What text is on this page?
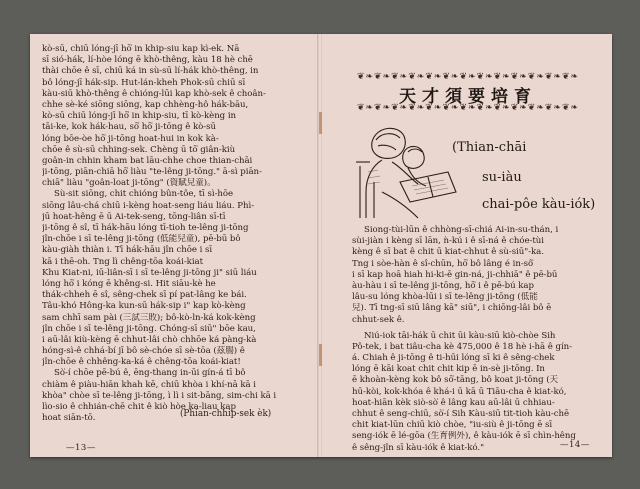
kò-sū, chiū lóng-jī hō͘ in khip-siu kap kì-ek. Nā
sī sió-hák, lí-hòe lóng ē khò-thêng, kàu 18 hè chē
thài chōe ê sī, chiū ká in sù-sū lí-hák khò-thêng, in
bô lóng-jī hák-sip. Hut-lán-kheh Phok-sū chiū sī
kàu-siū khò-thêng ê chióng-lūi kap khò-sek ê choân-
chhe sè-ké siōng siōng, kap chhèng-hô hák-bāu,
kò-sū chiū lóng-jī hō͘ in khip-siu, tī kò-kèng in
tāi-ke, kok hák-hau, sō͘ hō͘ ji-tōng ê kò-sū
lóng bōe-òe hō͘ ji-tōng hoat-hui in kok kà-
chōe ê sù-sū chhing-sek. Chèng ū tō͘ giân-kiù
goân-in chhin kham bat lāu-chhe choe thian-chāi
ji-tōng, piān-chiā hō͘ liàu "te-lêng ji-tōng." ā-sì piān-
chiā" liàu "goân-loat ji-tōng" (資賦兒童)。
Sù-sit siōng, chit chióng bûn-tôe, tī sì-hōe
siōng lâu-chá chiū i-kèng hoat-seng liáu liáu. Phì-
jū hoat-hêng ē ū Ai-tek-seng, tōng-liân sī-tī
ji-tōng ê sî, tī hák-hāu lóng tī-tioh te-lêng ji-tōng
jîn-chōe i sī te-lêng ji-tōng (低能兒童), pē-bū bô
kàu-giàh thiàn i. Tī hák-hāu jîn chōe i sī
kā i thē-oh. Tng lì chêng-tōa koái-kiat
Khu Kiat-ni, iū-liân-sī i sī te-lêng ji-tōng ji" siū liáu
lóng hō͘ i kóng ē khêng-si. Hit siāu-kè he
thák-chheh ē sî, sêng-chek sī pí pat-lâng ke bái.
Tâu-khó Hông-ka kun-sū hák-sip i" kap kò-kèng
sam chhī sam pài (三試三敗); bô-kò-ln-ká kok-kèng
jîn chōe i sī te-lêng ji-tōng. Chóng-sī siū" bōe kau,
i aū-lâi kiù-kèng ē chhut-lâi chò chhōe ká pàng-kà
hóng-sì-ê chhá-bí jī bô sè-chóe sī sè-tōa (茲腸) ê
jîn-chōe ê chhêng-ka-ká ê chêng-tōa koái-kiat!
Sò͘-í chōe pē-bú ê, ēng-thang in-ūi gín-á tī bô
chiàm ê piàu-hiān khah kē, chiū khòa i khí-nā kā i
khòa" chòe sī te-lêng ji-tōng, ì lì i sit-bāng, sim-chi kā i
lìo-sio ê chhián-chē chit ê kiò hòe ka-liau kap
hoat siān-tō.	(Phian-chhip-sek èk)
—13—
❦❧❦❧❦❧❦❧❦❧❦❧❦❧❦❧❦❧❦❧❦❧❦❧❦❧
天才須要培育
❦❧❦❧❦❧❦❧❦❧❦❧❦❧❦❧❦❧❦❧❦❧❦❧❦❧
(Thian-chāi
su-iàu
chai-pôe kàu-iók)
Siong-tùi-lūn ê chhòng-sī-chiá Ai-in-su-thán, i
sùi-jiàn i kèng sī lān, ǹ-kú i ê sī-ná ê chóe-tùi
kèng ê sī bat ê chit ū kiat-chhut ê sù-siū"-ka.
Tng i sòe-hàn ê sî-chūn, hō͘ bô lâng é in-sô͘
i sī kap hoā hiah hi-ki-ē gin-ná, ji-chhiā" ê pē-bū
àu-hàu i sī te-lêng ji-tōng, hō͘ i ê pē-bú kap
lâu-su lóng khòa-lūi i sī te-lêng ji-tōng (低能
兒). Tī tng-sī siū lâng kā" siū", i chiōng-lâi bô ē
chhut-sek ê.
Niú-iok tāi-hák ū chit ūi kàu-siū kiò-chòe Sih
Pô-tek, i bat tiâu-cha kè 475,000 ê 18 hè i-hā ê gín-
á. Chiah ê ji-tōng ê ti-hūi lóng sī ki ê sêng-chek
lóng ē kāi koat chit chit kip ē in-sè ji-tōng. In
ē khoàn-kèng kok bô sō͘-tāng, bô koat ji-tōng (天
hū-kòi, kok-khóa ê khá-i ū kā ū Tiāu-cha ê kiat-kó,
hoat-hiān kèk siò-sò͘ ê lâng kau aū-lâi ū chhiau-
chhut ê seng-chiū, sò͘-í Sih Kàu-siū tit-tioh kàu-chē
chit kiat-lūn chiū kiò chòe, "iu-siù ê ji-tōng ē sī
seng-iók ē lé-gōa (生育例外), ê kàu-iók ē sī chìn-hêng
ê sêng-jîn sī kàu-iók ê kiat-kó."	—14—
